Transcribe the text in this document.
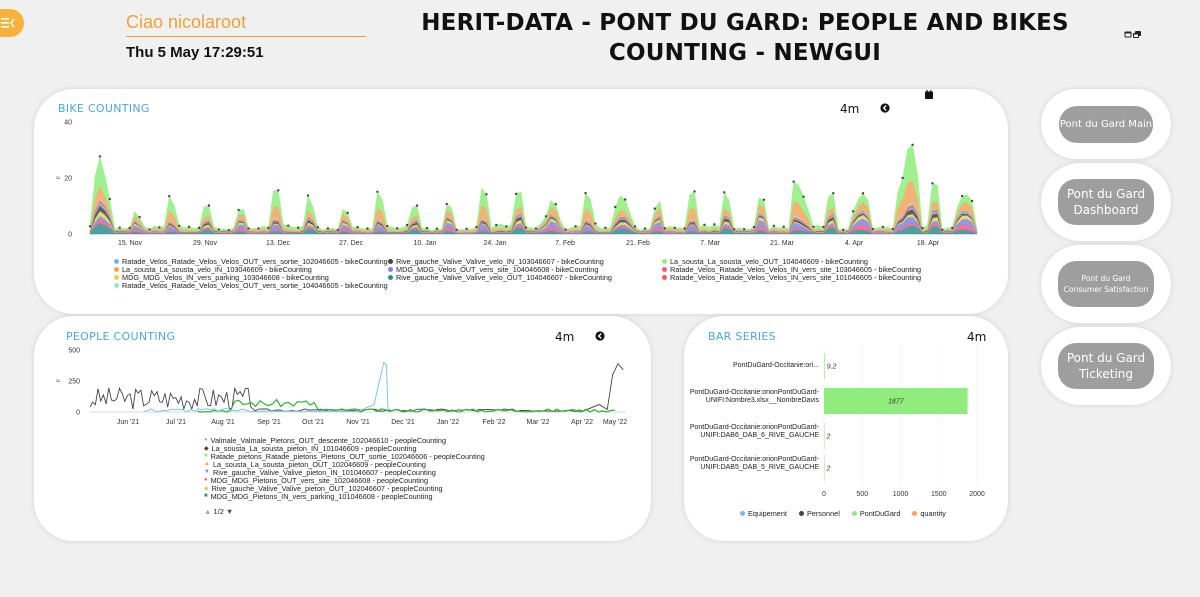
Ciao nicolaroot
Thu 5 May 17:29:51
HERIT-DATA - PONT DU GARD: PEOPLE AND BIKES COUNTING - NEWGUI
BIKE COUNTING	4m
0
20
40
≈
15. Nov	29. Nov	13. Dec	27. Dec	10. Jan	24. Jan	7. Feb	21. Feb	7. Mar	21. Mar	4. Apr	18. Apr
Ratade_Velos_Ratade_Velos_Velos_OUT_vers_sortie_102046605 - bikeCounting Rive_gauche_Valive_Valive_velo_IN_103046607 - bikeCounting	La_sousta_La_sousta_velo_OUT_104046609 - bikeCounting
La_sousta_La_sousta_velo_IN_103046609 - bikeCounting	MDG_MDG_Velos_OUT_vers_site_104046608 - bikeCounting	Ratade_Velos_Ratade_Velos_Velos_IN_vers_site_103046605 - bikeCounting
MDG_MDG_Velos_IN_vers_parking_103046608 - bikeCounting	Rive_gauche_Valive_Valive_velo_OUT_104046607 - bikeCounting	Ratade_Velos_Ratade_Velos_Velos_IN_vers_site_101046605 - bikeCounting
Ratade_Velos_Ratade_Velos_Velos_OUT_vers_sortie_104046605 - bikeCounting
PEOPLE COUNTING	4m
0
250
500
≈
Jun '21	Jul '21	Aug '21	Sep '21	Oct '21	Nov '21	Dec '21	Jan '22	Feb '22	Mar '22	Apr '22 May '22
● Valmale_Valmale_Pietons_OUT_descente_102046610 - peopleCounting
◆ La_sousta_La_sousta_pieton_IN_101046609 - peopleCounting
■ Ratade_pietons_Ratade_pietons_Pietons_OUT_sortie_102046606 - peopleCounting
▲ La_sousta_La_sousta_pieton_OUT_102046609 - peopleCounting
▼ Rive_gauche_Valive_Valive_pieton_IN_101046607 - peopleCounting
● MDG_MDG_Pietons_OUT_vers_site_102046608 - peopleCounting
◆ Rive_gauche_Valive_Valive_pieton_OUT_102046607 - peopleCounting
■ MDG_MDG_Pietons_IN_vers_parking_101046608 - peopleCounting
▲ 1/2 ▼
BAR SERIES	4m
PontDuGard-Occitanie:ori...
PontDuGard-Occitanie:orionPontDuGard-UNIFI:Nombre3.xlsx__NombreDavis
PontDuGard-Occitanie:orionPontDuGard-UNIFI:DAB6_DAB_6_RIVE_GAUCHE
PontDuGard-Occitanie:orionPontDuGard-UNIFI:DAB5_DAB_5_RIVE_GAUCHE
9.2
1877
2
2
0	500	1000	1500	2000
Equipement	Personnel	PontDuGard	quantity
Pont du Gard Main
Pont du Gard Dashboard
Pont du Gard Consumer Satisfaction
Pont du Gard Ticketing
